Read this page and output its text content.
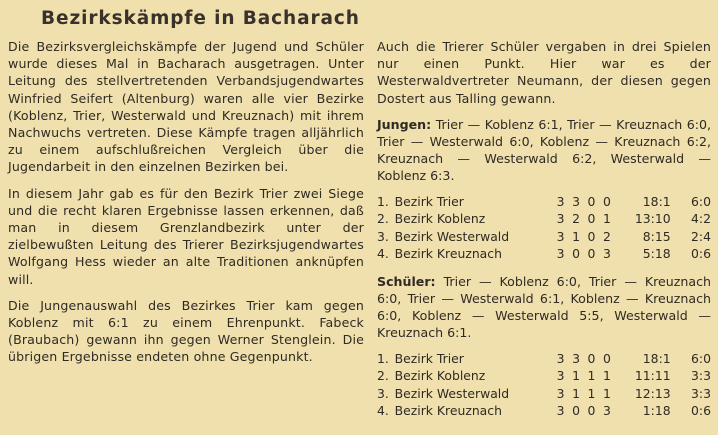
Bezirkskämpfe in Bacharach

Die Bezirksvergleichskämpfe der Jugend und Schüler wurde dieses Mal in Bacharach ausgetragen. Unter Leitung des stellvertretenden Verbandsjugendwartes Winfried Seifert (Altenburg) waren alle vier Bezirke (Koblenz, Trier, Westerwald und Kreuznach) mit ihrem Nachwuchs vertreten. Diese Kämpfe tragen alljährlich zu einem aufschlußreichen Vergleich über die Jugendarbeit in den einzelnen Bezirken bei.

In diesem Jahr gab es für den Bezirk Trier zwei Siege und die recht klaren Ergebnisse lassen erkennen, daß man in diesem Grenzlandbezirk unter der zielbewußten Leitung des Trierer Bezirksjugendwartes Wolfgang Hess wieder an alte Traditionen anknüpfen will.

Die Jungenauswahl des Bezirkes Trier kam gegen Koblenz mit 6:1 zu einem Ehrenpunkt. Fabeck (Braubach) gewann ihn gegen Werner Stenglein. Die übrigen Ergebnisse endeten ohne Gegenpunkt.

Auch die Trierer Schüler vergaben in drei Spielen nur einen Punkt. Hier war es der Westerwaldvertreter Neumann, der diesen gegen Dostert aus Talling gewann.

Jungen: Trier — Koblenz 6:1, Trier — Kreuznach 6:0, Trier — Westerwald 6:0, Koblenz — Kreuznach 6:2, Kreuznach — Westerwald 6:2, Westerwald — Koblenz 6:3.

1.	Bezirk Trier	3	3	0	0	18:1	6:0
2.	Bezirk Koblenz	3	2	0	1	13:10	4:2
3.	Bezirk Westerwald	3	1	0	2	8:15	2:4
4.	Bezirk Kreuznach	3	0	0	3	5:18	0:6

Schüler: Trier — Koblenz 6:0, Trier — Kreuznach 6:0, Trier — Westerwald 6:1, Koblenz — Kreuznach 6:0, Koblenz — Westerwald 5:5, Westerwald — Kreuznach 6:1.

1.	Bezirk Trier	3	3	0	0	18:1	6:0
2.	Bezirk Koblenz	3	1	1	1	11:11	3:3
3.	Bezirk Westerwald	3	1	1	1	12:13	3:3
4.	Bezirk Kreuznach	3	0	0	3	1:18	0:6
